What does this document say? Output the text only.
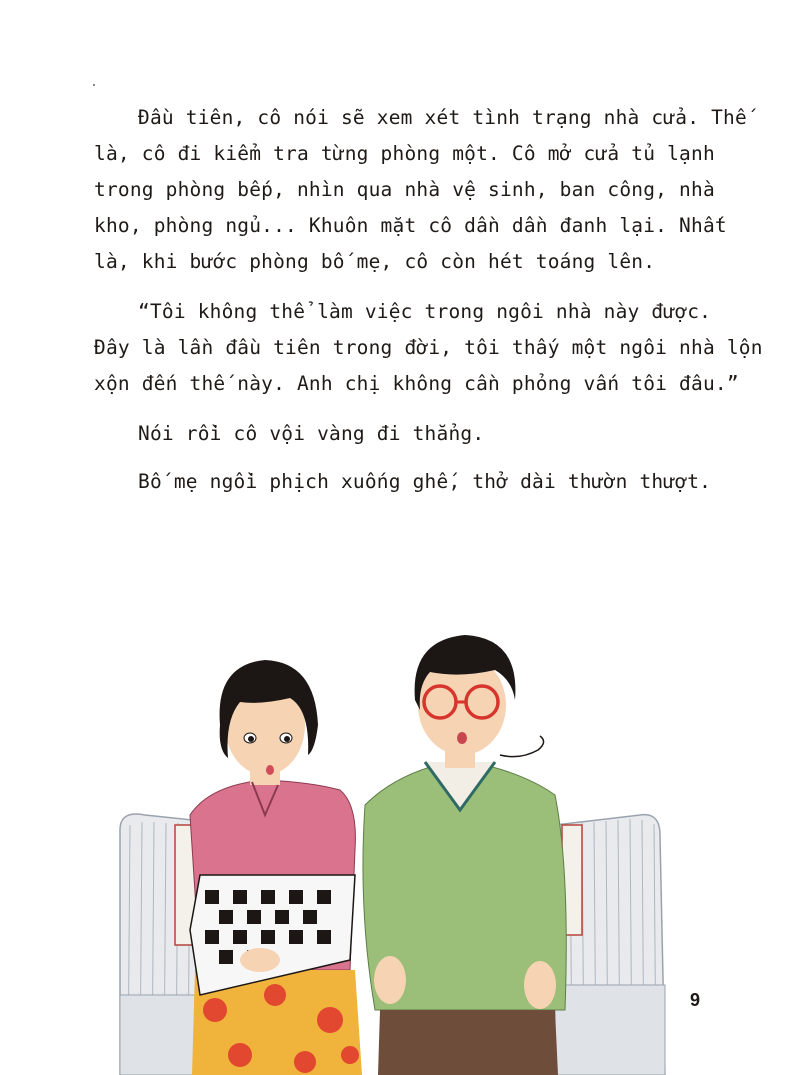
Đầu tiên, cô nói sẽ xem xét tình trạng nhà cửa. Thế
là, cô đi kiểm tra từng phòng một. Cô mở cửa tủ lạnh
trong phòng bếp, nhìn qua nhà vệ sinh, ban công, nhà
kho, phòng ngủ... Khuôn mặt cô dần dần đanh lại. Nhất
là, khi bước phòng bố mẹ, cô còn hét toáng lên.

“Tôi không thể làm việc trong ngôi nhà này được.
Đây là lần đầu tiên trong đời, tôi thấy một ngôi nhà lộn
xộn đến thế này. Anh chị không cần phỏng vấn tôi đâu.”

Nói rồi cô vội vàng đi thẳng.

Bố mẹ ngồi phịch xuống ghế, thở dài thườn thượt.

9
